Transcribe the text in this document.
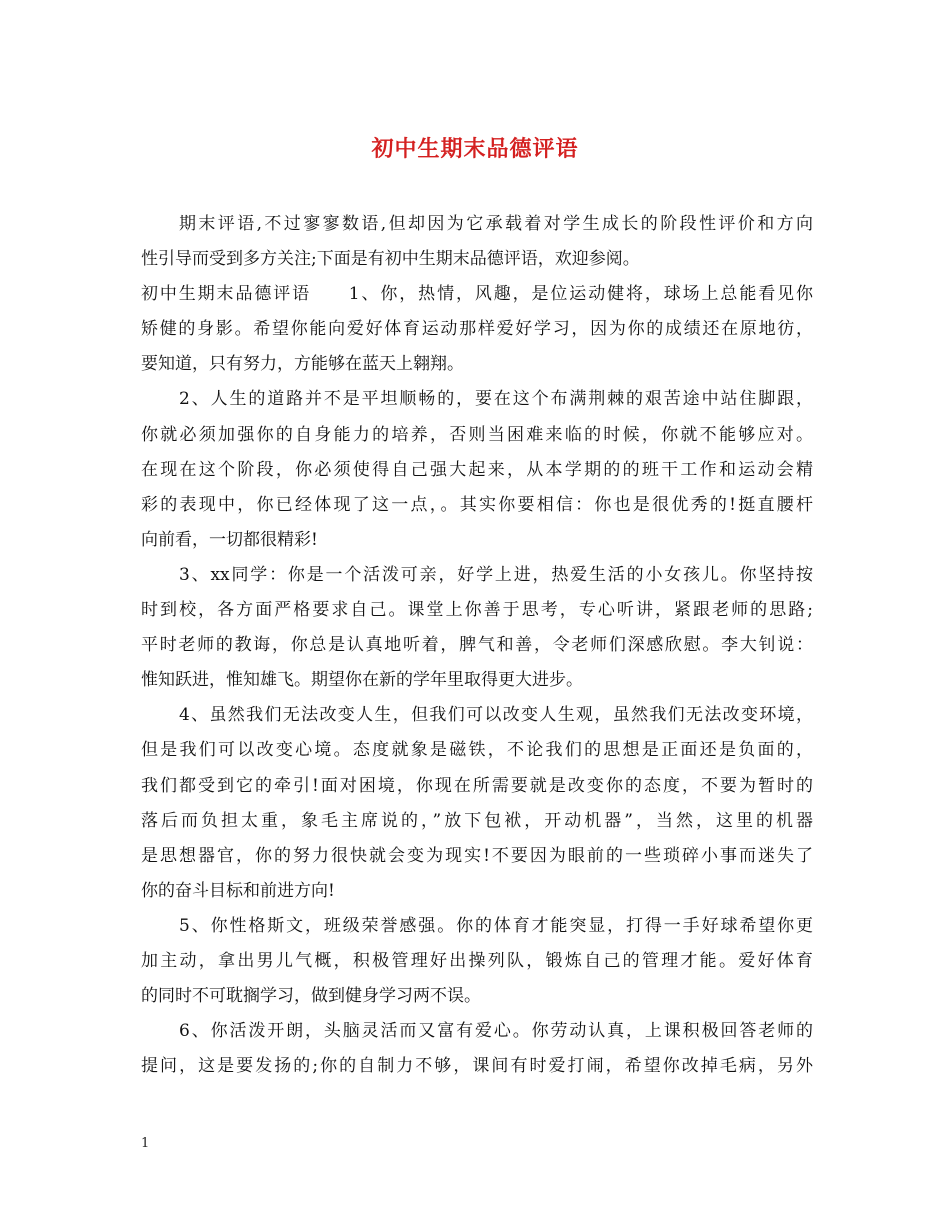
初中生期末品德评语
期末评语,不过寥寥数语,但却因为它承载着对学生成长的阶段性评价和方向
性引导而受到多方关注;下面是有初中生期末品德评语，欢迎参阅。
初中生期末品德评语　　1、你，热情，风趣，是位运动健将，球场上总能看见你
矫健的身影。希望你能向爱好体育运动那样爱好学习，因为你的成绩还在原地彷，
要知道，只有努力，方能够在蓝天上翱翔。
2、人生的道路并不是平坦顺畅的，要在这个布满荆棘的艰苦途中站住脚跟，
你就必须加强你的自身能力的培养，否则当困难来临的时候，你就不能够应对。
在现在这个阶段，你必须使得自己强大起来，从本学期的的班干工作和运动会精
彩的表现中，你已经体现了这一点，。其实你要相信：你也是很优秀的!挺直腰杆
向前看，一切都很精彩!
3、xx同学：你是一个活泼可亲，好学上进，热爱生活的小女孩儿。你坚持按
时到校，各方面严格要求自己。课堂上你善于思考，专心听讲，紧跟老师的思路;
平时老师的教诲，你总是认真地听着，脾气和善，令老师们深感欣慰。李大钊说：
惟知跃进，惟知雄飞。期望你在新的学年里取得更大进步。
4、虽然我们无法改变人生，但我们可以改变人生观，虽然我们无法改变环境，
但是我们可以改变心境。态度就象是磁铁，不论我们的思想是正面还是负面的，
我们都受到它的牵引!面对困境，你现在所需要就是改变你的态度，不要为暂时的
落后而负担太重，象毛主席说的，”放下包袱，开动机器”，当然，这里的机器
是思想器官，你的努力很快就会变为现实!不要因为眼前的一些琐碎小事而迷失了
你的奋斗目标和前进方向!
5、你性格斯文，班级荣誉感强。你的体育才能突显，打得一手好球希望你更
加主动，拿出男儿气概，积极管理好出操列队，锻炼自己的管理才能。爱好体育
的同时不可耽搁学习，做到健身学习两不误。
6、你活泼开朗，头脑灵活而又富有爱心。你劳动认真，上课积极回答老师的
提问，这是要发扬的;你的自制力不够，课间有时爱打闹，希望你改掉毛病，另外
1
